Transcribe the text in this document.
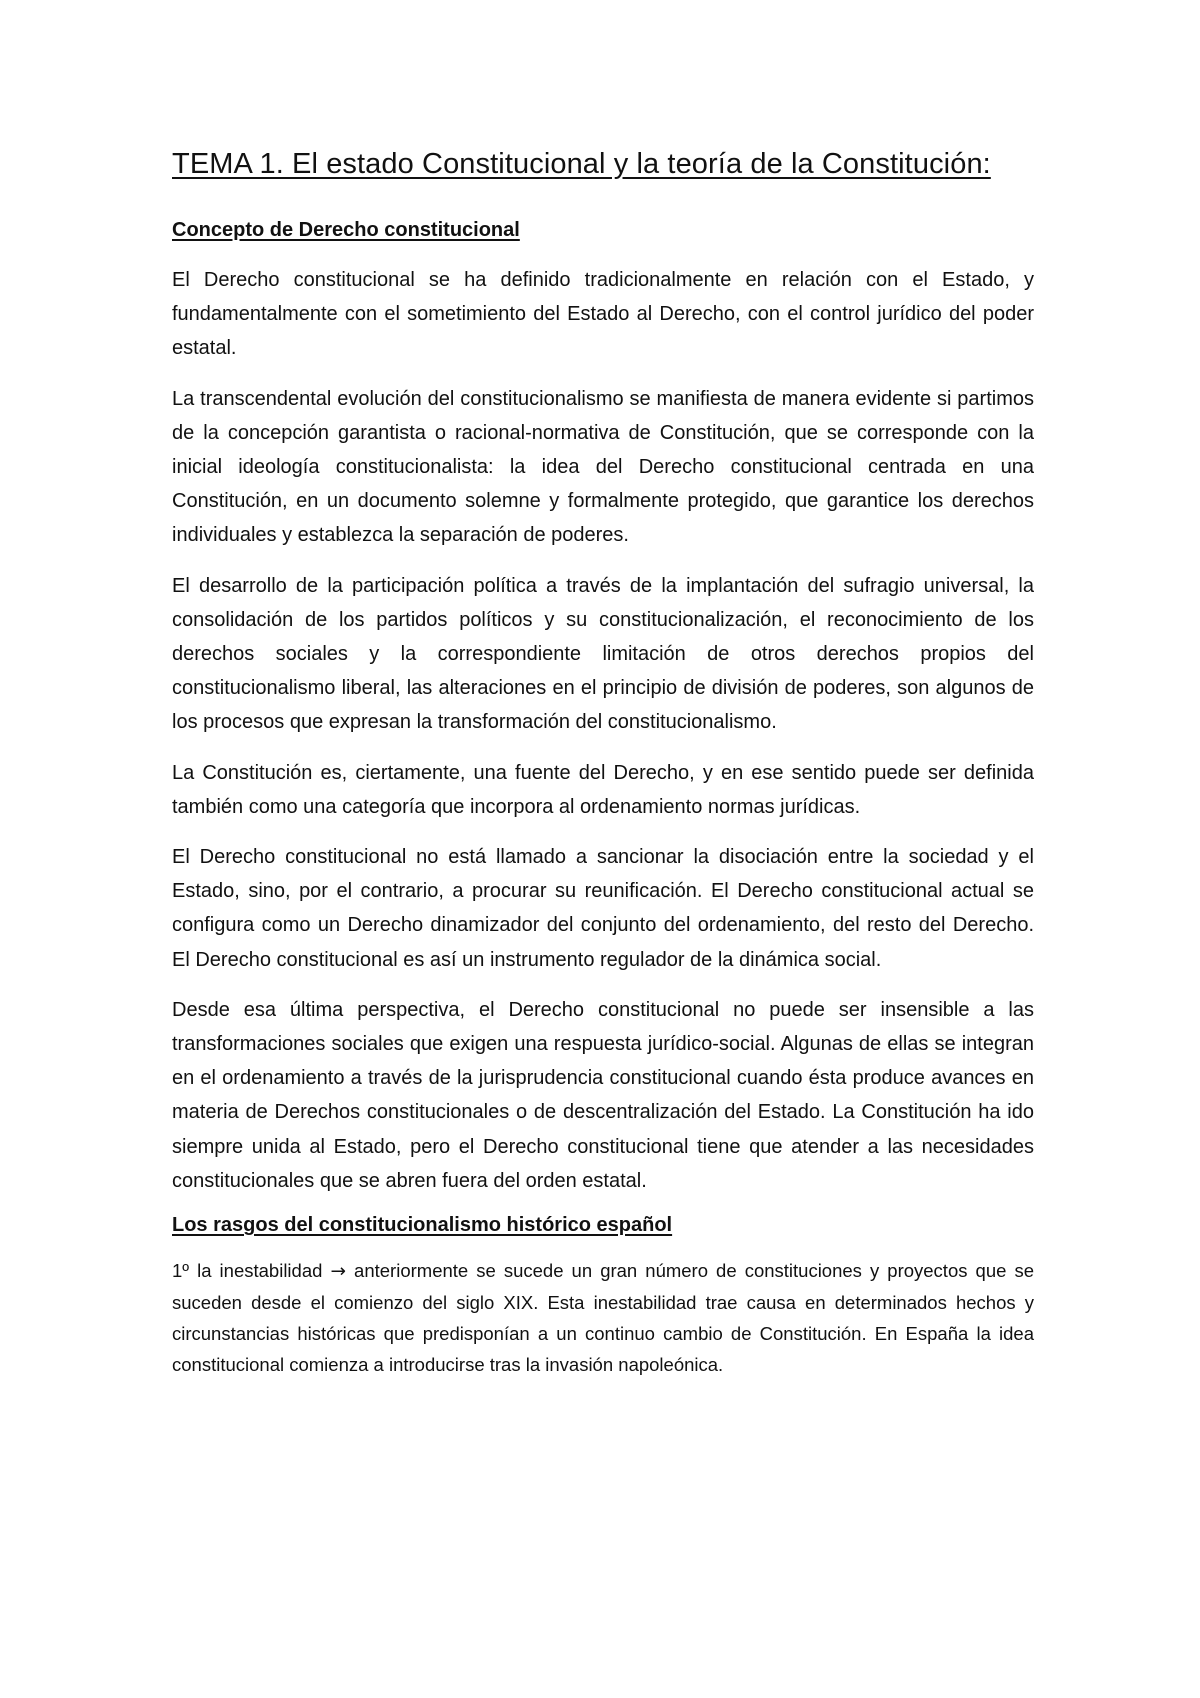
TEMA 1. El estado Constitucional y la teoría de la Constitución:
Concepto de Derecho constitucional

El Derecho constitucional se ha definido tradicionalmente en relación con el Estado, y fundamentalmente con el sometimiento del Estado al Derecho, con el control jurídico del poder estatal.

La transcendental evolución del constitucionalismo se manifiesta de manera evidente si partimos de la concepción garantista o racional-normativa de Constitución, que se corresponde con la inicial ideología constitucionalista: la idea del Derecho constitucional centrada en una Constitución, en un documento solemne y formalmente protegido, que garantice los derechos individuales y establezca la separación de poderes.

El desarrollo de la participación política a través de la implantación del sufragio universal, la consolidación de los partidos políticos y su constitucionalización, el reconocimiento de los derechos sociales y la correspondiente limitación de otros derechos propios del constitucionalismo liberal, las alteraciones en el principio de división de poderes, son algunos de los procesos que expresan la transformación del constitucionalismo.

La Constitución es, ciertamente, una fuente del Derecho, y en ese sentido puede ser definida también como una categoría que incorpora al ordenamiento normas jurídicas.

El Derecho constitucional no está llamado a sancionar la disociación entre la sociedad y el Estado, sino, por el contrario, a procurar su reunificación. El Derecho constitucional actual se configura como un Derecho dinamizador del conjunto del ordenamiento, del resto del Derecho. El Derecho constitucional es así un instrumento regulador de la dinámica social.

Desde esa última perspectiva, el Derecho constitucional no puede ser insensible a las transformaciones sociales que exigen una respuesta jurídico-social. Algunas de ellas se integran en el ordenamiento a través de la jurisprudencia constitucional cuando ésta produce avances en materia de Derechos constitucionales o de descentralización del Estado. La Constitución ha ido siempre unida al Estado, pero el Derecho constitucional tiene que atender a las necesidades constitucionales que se abren fuera del orden estatal.

Los rasgos del constitucionalismo histórico español

1º la inestabilidad → anteriormente se sucede un gran número de constituciones y proyectos que se suceden desde el comienzo del siglo XIX. Esta inestabilidad trae causa en determinados hechos y circunstancias históricas que predisponían a un continuo cambio de Constitución. En España la idea constitucional comienza a introducirse tras la invasión napoleónica.
